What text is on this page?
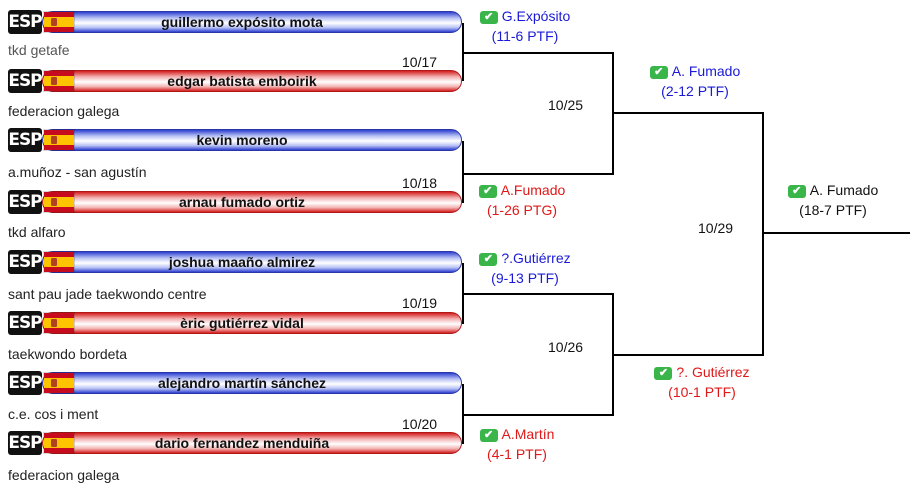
ESP	guillermo expósito mota
tkd getafe
ESP	edgar batista emboirik
federacion galega
ESP	kevin moreno
a.muñoz - san agustín
ESP	arnau fumado ortiz
tkd alfaro
ESP	joshua maaño almirez
sant pau jade taekwondo centre
ESP	èric gutiérrez vidal
taekwondo bordeta
ESP	alejandro martín sánchez
c.e. cos i ment
ESP	dario fernandez menduiña
federacion galega
10/17
10/18
10/19
10/20
10/25
10/26
10/29
✔ G.Expósito
(11-6 PTF)
✔ A.Fumado
(1-26 PTG)
✔ ?.Gutiérrez
(9-13 PTF)
✔ A.Martín
(4-1 PTF)
✔ A. Fumado
(2-12 PTF)
✔ ?. Gutiérrez
(10-1 PTF)
✔ A. Fumado
(18-7 PTF)
